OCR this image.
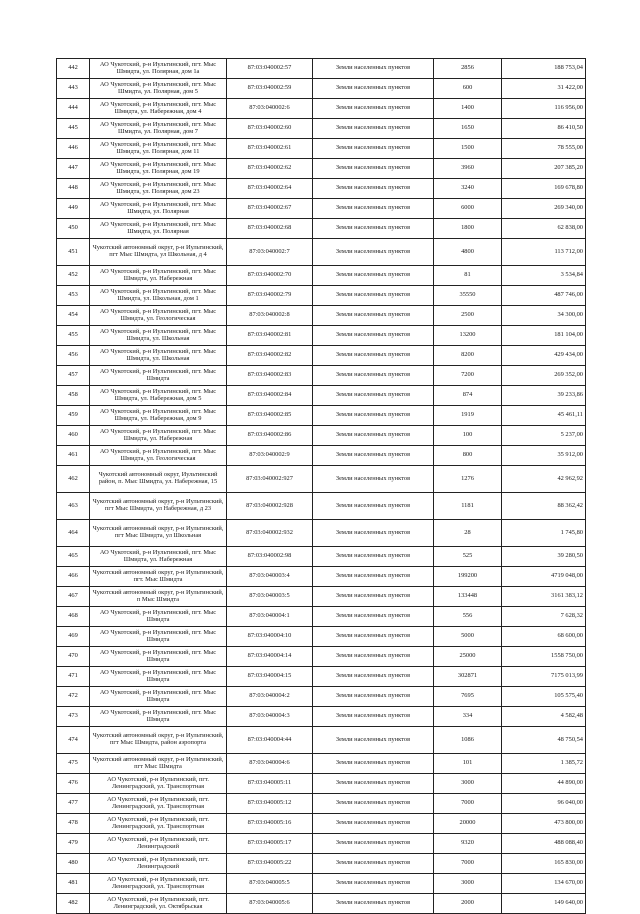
442	АО Чукотский, р-н Иультинский, пгт. Мыс Шмидта, ул. Полярная, дом 1а	87:03:040002:57	Земли населенных пунктов	2856	188 753,04
443	АО Чукотский, р-н Иультинский, пгт. Мыс Шмидта, ул. Полярная, дом 5	87:03:040002:59	Земли населенных пунктов	600	31 422,00
444	АО Чукотский, р-н Иультинский, пгт. Мыс Шмидта, ул. Набережная, дом 4	87:03:040002:6	Земли населенных пунктов	1400	116 956,00
445	АО Чукотский, р-н Иультинский, пгт. Мыс Шмидта, ул. Полярная, дом 7	87:03:040002:60	Земли населенных пунктов	1650	86 410,50
446	АО Чукотский, р-н Иультинский, пгт. Мыс Шмидта, ул. Полярная, дом 11	87:03:040002:61	Земли населенных пунктов	1500	78 555,00
447	АО Чукотский, р-н Иультинский, пгт. Мыс Шмидта, ул. Полярная, дом 19	87:03:040002:62	Земли населенных пунктов	3960	207 385,20
448	АО Чукотский, р-н Иультинский, пгт. Мыс Шмидта, ул. Полярная, дом 23	87:03:040002:64	Земли населенных пунктов	3240	169 678,80
449	АО Чукотский, р-н Иультинский, пгт. Мыс Шмидта, ул. Полярная	87:03:040002:67	Земли населенных пунктов	6000	269 340,00
450	АО Чукотский, р-н Иультинский, пгт. Мыс Шмидта, ул. Полярная	87:03:040002:68	Земли населенных пунктов	1800	62 838,00
451	Чукотский автономный округ, р-н Иультинский, пгт Мыс Шмидта, ул Школьная, д 4	87:03:040002:7	Земли населенных пунктов	4800	113 712,00
452	АО Чукотский, р-н Иультинский, пгт. Мыс Шмидта, ул. Набережная	87:03:040002:70	Земли населенных пунктов	81	3 534,84
453	АО Чукотский, р-н Иультинский, пгт. Мыс Шмидта, ул. Школьная, дом 1	87:03:040002:79	Земли населенных пунктов	35550	487 746,00
454	АО Чукотский, р-н Иультинский, пгт. Мыс Шмидта, ул. Геологическая	87:03:040002:8	Земли населенных пунктов	2500	34 300,00
455	АО Чукотский, р-н Иультинский, пгт. Мыс Шмидта, ул. Школьная	87:03:040002:81	Земли населенных пунктов	13200	181 104,00
456	АО Чукотский, р-н Иультинский, пгт. Мыс Шмидта, ул. Школьная	87:03:040002:82	Земли населенных пунктов	8200	429 434,00
457	АО Чукотский, р-н Иультинский, пгт. Мыс Шмидта	87:03:040002:83	Земли населенных пунктов	7200	269 352,00
458	АО Чукотский, р-н Иультинский, пгт. Мыс Шмидта, ул. Набережная, дом 5	87:03:040002:84	Земли населенных пунктов	874	39 233,86
459	АО Чукотский, р-н Иультинский, пгт. Мыс Шмидта, ул. Набережная, дом 9	87:03:040002:85	Земли населенных пунктов	1919	45 461,11
460	АО Чукотский, р-н Иультинский, пгт. Мыс Шмидта, ул. Набережная	87:03:040002:86	Земли населенных пунктов	100	5 237,00
461	АО Чукотский, р-н Иультинский, пгт. Мыс Шмидта, ул. Геологическая	87:03:040002:9	Земли населенных пунктов	800	35 912,00
462	Чукотский автономный округ, Иультинский район, п. Мыс Шмидта, ул. Набережная, 15	87:03:040002:927	Земли населенных пунктов	1276	42 962,92
463	Чукотский автономный округ, р-н Иультинский, пгт Мыс Шмидта, ул Набережная, д 23	87:03:040002:928	Земли населенных пунктов	1181	88 362,42
464	Чукотский автономный округ, р-н Иультинский, пгт Мыс Шмидта, ул Школьная	87:03:040002:932	Земли населенных пунктов	28	1 745,80
465	АО Чукотский, р-н Иультинский, пгт. Мыс Шмидта, ул. Набережная	87:03:040002:98	Земли населенных пунктов	525	39 280,50
466	Чукотский автономный округ, р-н Иультинский, пгт. Мыс Шмидта	87:03:040003:4	Земли населенных пунктов	199200	4719 048,00
467	Чукотский автономный округ, р-н Иультинский, п Мыс Шмидта	87:03:040003:5	Земли населенных пунктов	133448	3161 383,12
468	АО Чукотский, р-н Иультинский, пгт. Мыс Шмидта	87:03:040004:1	Земли населенных пунктов	556	7 628,32
469	АО Чукотский, р-н Иультинский, пгт. Мыс Шмидта	87:03:040004:10	Земли населенных пунктов	5000	68 600,00
470	АО Чукотский, р-н Иультинский, пгт. Мыс Шмидта	87:03:040004:14	Земли населенных пунктов	25000	1558 750,00
471	АО Чукотский, р-н Иультинский, пгт. Мыс Шмидта	87:03:040004:15	Земли населенных пунктов	302871	7175 013,99
472	АО Чукотский, р-н Иультинский, пгт. Мыс Шмидта	87:03:040004:2	Земли населенных пунктов	7695	105 575,40
473	АО Чукотский, р-н Иультинский, пгт. Мыс Шмидта	87:03:040004:3	Земли населенных пунктов	334	4 582,48
474	Чукотский автономный округ, р-н Иультинский, пгт Мыс Шмидта, район аэропорта	87:03:040004:44	Земли населенных пунктов	1086	48 750,54
475	Чукотский автономный округ, р-н Иультинский, пгт Мыс Шмидта	87:03:040004:6	Земли населенных пунктов	101	1 385,72
476	АО Чукотский, р-н Иультинский, пгт. Ленинградский, ул. Транспортная	87:03:040005:11	Земли населенных пунктов	3000	44 890,00
477	АО Чукотский, р-н Иультинский, пгт. Ленинградский, ул. Транспортная	87:03:040005:12	Земли населенных пунктов	7000	96 040,00
478	АО Чукотский, р-н Иультинский, пгт. Ленинградский, ул. Транспортная	87:03:040005:16	Земли населенных пунктов	20000	473 800,00
479	АО Чукотский, р-н Иультинский, пгт. Ленинградский	87:03:040005:17	Земли населенных пунктов	9320	488 088,40
480	АО Чукотский, р-н Иультинский, пгт. Ленинградский	87:03:040005:22	Земли населенных пунктов	7000	165 830,00
481	АО Чукотский, р-н Иультинский, пгт. Ленинградский, ул. Транспортная	87:03:040005:5	Земли населенных пунктов	3000	134 670,00
482	АО Чукотский, р-н Иультинский, пгт. Ленинградский, ул. Октябрьская	87:03:040005:6	Земли населенных пунктов	2000	149 640,00
